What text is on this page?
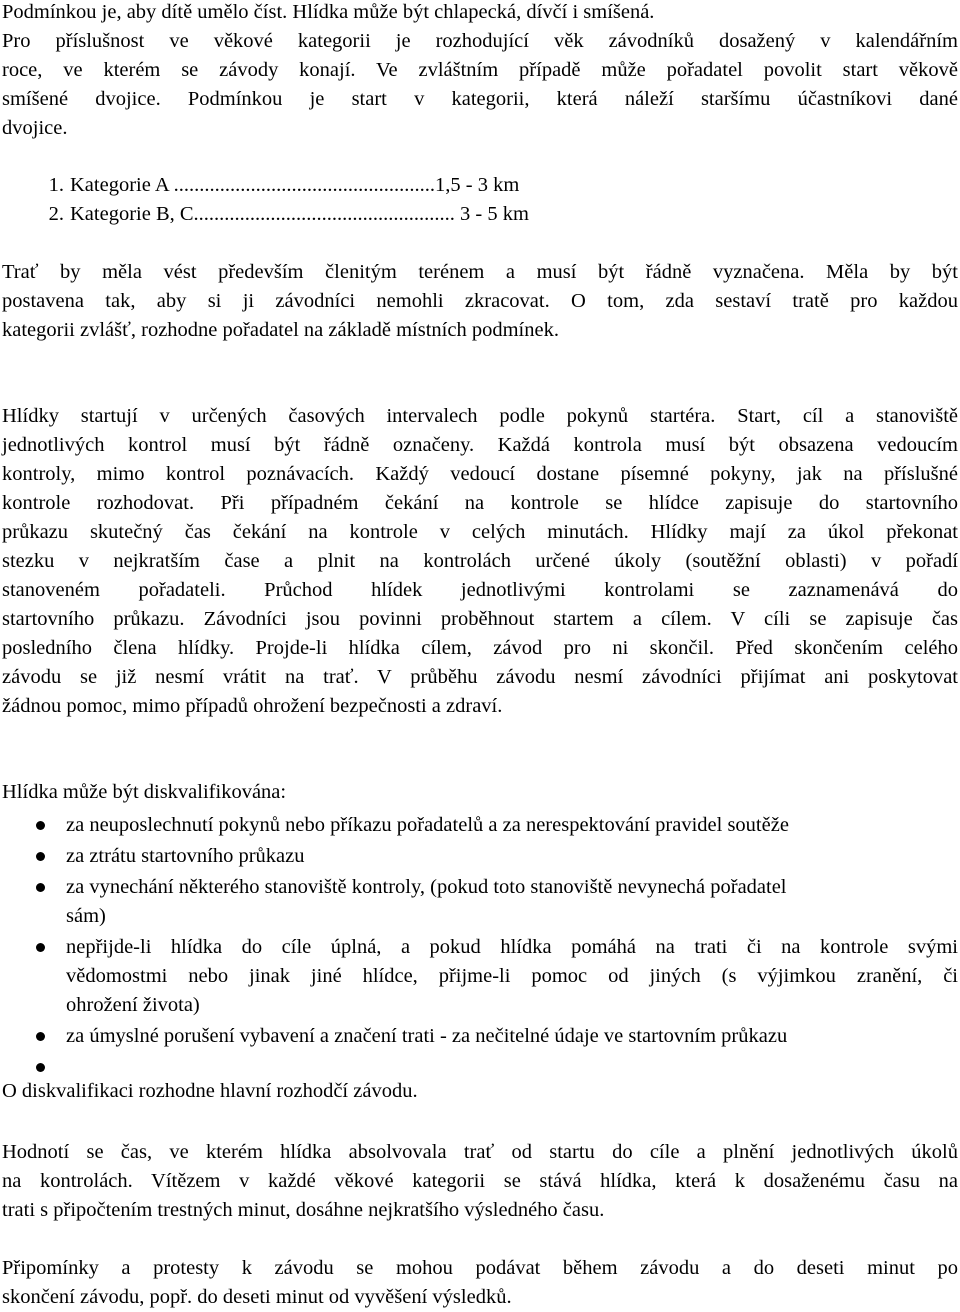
Podmínkou je, aby dítě umělo číst. Hlídka může být chlapecká, dívčí i smíšená.
Pro příslušnost ve věkové kategorii je rozhodující věk závodníků dosažený v kalendářním
roce, ve kterém se závody konají. Ve zvláštním případě může pořadatel povolit start věkově
smíšené dvojice. Podmínkou je start v kategorii, která náleží staršímu účastníkovi dané
dvojice.
1. Kategorie A ...................................................1,5 - 3 km
2. Kategorie B, C................................................... 3 - 5 km
Trať by měla vést především členitým terénem a musí být řádně vyznačena. Měla by být
postavena tak, aby si ji závodníci nemohli zkracovat. O tom, zda sestaví tratě pro každou
kategorii zvlášť, rozhodne pořadatel na základě místních podmínek.
Hlídky startují v určených časových intervalech podle pokynů startéra. Start, cíl a stanoviště
jednotlivých kontrol musí být řádně označeny. Každá kontrola musí být obsazena vedoucím
kontroly, mimo kontrol poznávacích. Každý vedoucí dostane písemné pokyny, jak na příslušné
kontrole rozhodovat. Při případném čekání na kontrole se hlídce zapisuje do startovního
průkazu skutečný čas čekání na kontrole v celých minutách. Hlídky mají za úkol překonat
stezku v nejkratším čase a plnit na kontrolách určené úkoly (soutěžní oblasti) v pořadí
stanoveném pořadateli. Průchod hlídek jednotlivými kontrolami se zaznamenává do
startovního průkazu. Závodníci jsou povinni proběhnout startem a cílem. V cíli se zapisuje čas
posledního člena hlídky. Projde-li hlídka cílem, závod pro ni skončil. Před skončením celého
závodu se již nesmí vrátit na trať. V průběhu závodu nesmí závodníci přijímat ani poskytovat
žádnou pomoc, mimo případů ohrožení bezpečnosti a zdraví.
Hlídka může být diskvalifikována:
za neuposlechnutí pokynů nebo příkazu pořadatelů a za nerespektování pravidel soutěže
za ztrátu startovního průkazu
za vynechání některého stanoviště kontroly, (pokud toto stanoviště nevynechá pořadatel
sám)
nepřijde-li hlídka do cíle úplná, a pokud hlídka pomáhá na trati či na kontrole svými
vědomostmi nebo jinak jiné hlídce, přijme-li pomoc od jiných (s výjimkou zranění, či
ohrožení života)
za úmyslné porušení vybavení a značení trati - za nečitelné údaje ve startovním průkazu
O diskvalifikaci rozhodne hlavní rozhodčí závodu.
Hodnotí se čas, ve kterém hlídka absolvovala trať od startu do cíle a plnění jednotlivých úkolů
na kontrolách. Vítězem v každé věkové kategorii se stává hlídka, která k dosaženému času na
trati s připočtením trestných minut, dosáhne nejkratšího výsledného času.
Připomínky a protesty k závodu se mohou podávat během závodu a do deseti minut po
skončení závodu, popř. do deseti minut od vyvěšení výsledků.
